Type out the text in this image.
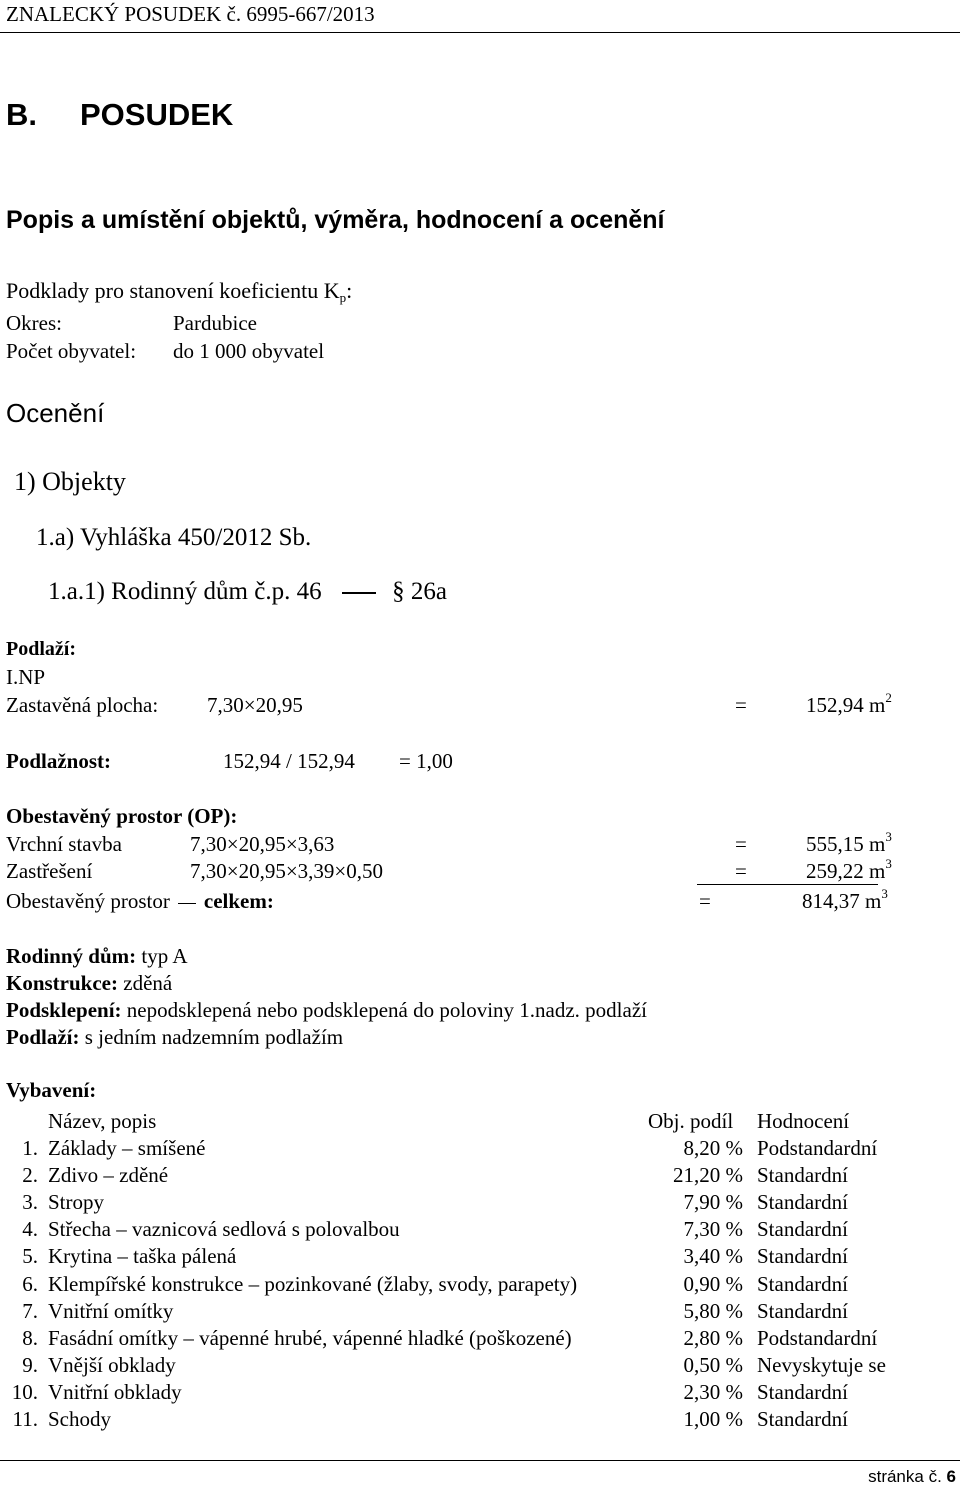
ZNALECKÝ POSUDEK č. 6995-667/2013
B. POSUDEK
Popis a umístění objektů, výměra, hodnocení a ocenění
Podklady pro stanovení koeficientu Kp:
Okres:	Pardubice
Počet obyvatel: do 1 000 obyvatel
Ocenění
1) Objekty
1.a) Vyhláška 450/2012 Sb.
1.a.1) Rodinný dům č.p. 46	§ 26a
Podlaží:
I.NP
Zastavěná plocha: 7,30×20,95	=	152,94 $m^2$
Podlažnost:	152,94 / 152,94 = 1,00
Obestavěný prostor (OP):
Vrchní stavba	7,30×20,95×3,63	=	555,15 $m^3$
Zastřešení	7,30×20,95×3,39×0,50	=	259,22 $m^3$
Obestavěný prostor celkem:	=	814,37 $m^3$
Rodinný dům: typ A
Konstrukce: zděná
Podsklepení: nepodsklepená nebo podsklepená do poloviny 1.nadz. podlaží
Podlaží: s jedním nadzemním podlažím
Vybavení:
Název, popis	Obj. podíl Hodnocení
1. Základy – smíšené	8,20 % Podstandardní
2. Zdivo – zděné	21,20 % Standardní
3. Stropy	7,90 % Standardní
4. Střecha – vaznicová sedlová s polovalbou	7,30 % Standardní
5. Krytina – taška pálená	3,40 % Standardní
6. Klempířské konstrukce – pozinkované (žlaby, svody, parapety)	0,90 % Standardní
7. Vnitřní omítky	5,80 % Standardní
8. Fasádní omítky – vápenné hrubé, vápenné hladké (poškozené)	2,80 % Podstandardní
9. Vnější obklady	0,50 % Nevyskytuje se
10. Vnitřní obklady	2,30 % Standardní
11. Schody	1,00 % Standardní
stránka č. 6
